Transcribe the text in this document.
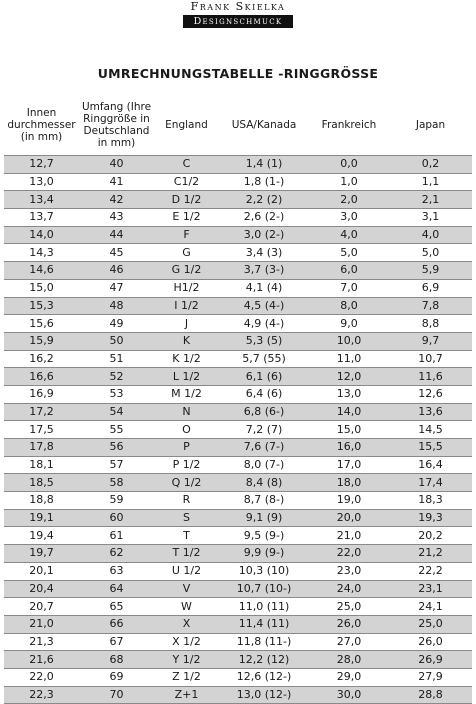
Frank Skielka
Designschmuck
UMRECHNUNGSTABELLE -RINGGRÖSSE
Innen durchmesser (in mm)	Umfang (Ihre Ringgröße in Deutschland in mm)	England	USA/Kanada	Frankreich	Japan
12,7	40	C	1,4 (1)	0,0	0,2
13,0	41	C1/2	1,8 (1-)	1,0	1,1
13,4	42	D 1/2	2,2 (2)	2,0	2,1
13,7	43	E 1/2	2,6 (2-)	3,0	3,1
14,0	44	F	3,0 (2-)	4,0	4,0
14,3	45	G	3,4 (3)	5,0	5,0
14,6	46	G 1/2	3,7 (3-)	6,0	5,9
15,0	47	H1/2	4,1 (4)	7,0	6,9
15,3	48	I 1/2	4,5 (4-)	8,0	7,8
15,6	49	J	4,9 (4-)	9,0	8,8
15,9	50	K	5,3 (5)	10,0	9,7
16,2	51	K 1/2	5,7 (55)	11,0	10,7
16,6	52	L 1/2	6,1 (6)	12,0	11,6
16,9	53	M 1/2	6,4 (6)	13,0	12,6
17,2	54	N	6,8 (6-)	14,0	13,6
17,5	55	O	7,2 (7)	15,0	14,5
17,8	56	P	7,6 (7-)	16,0	15,5
18,1	57	P 1/2	8,0 (7-)	17,0	16,4
18,5	58	Q 1/2	8,4 (8)	18,0	17,4
18,8	59	R	8,7 (8-)	19,0	18,3
19,1	60	S	9,1 (9)	20,0	19,3
19,4	61	T	9,5 (9-)	21,0	20,2
19,7	62	T 1/2	9,9 (9-)	22,0	21,2
20,1	63	U 1/2	10,3 (10)	23,0	22,2
20,4	64	V	10,7 (10-)	24,0	23,1
20,7	65	W	11,0 (11)	25,0	24,1
21,0	66	X	11,4 (11)	26,0	25,0
21,3	67	X 1/2	11,8 (11-)	27,0	26,0
21,6	68	Y 1/2	12,2 (12)	28,0	26,9
22,0	69	Z 1/2	12,6 (12-)	29,0	27,9
22,3	70	Z+1	13,0 (12-)	30,0	28,8
